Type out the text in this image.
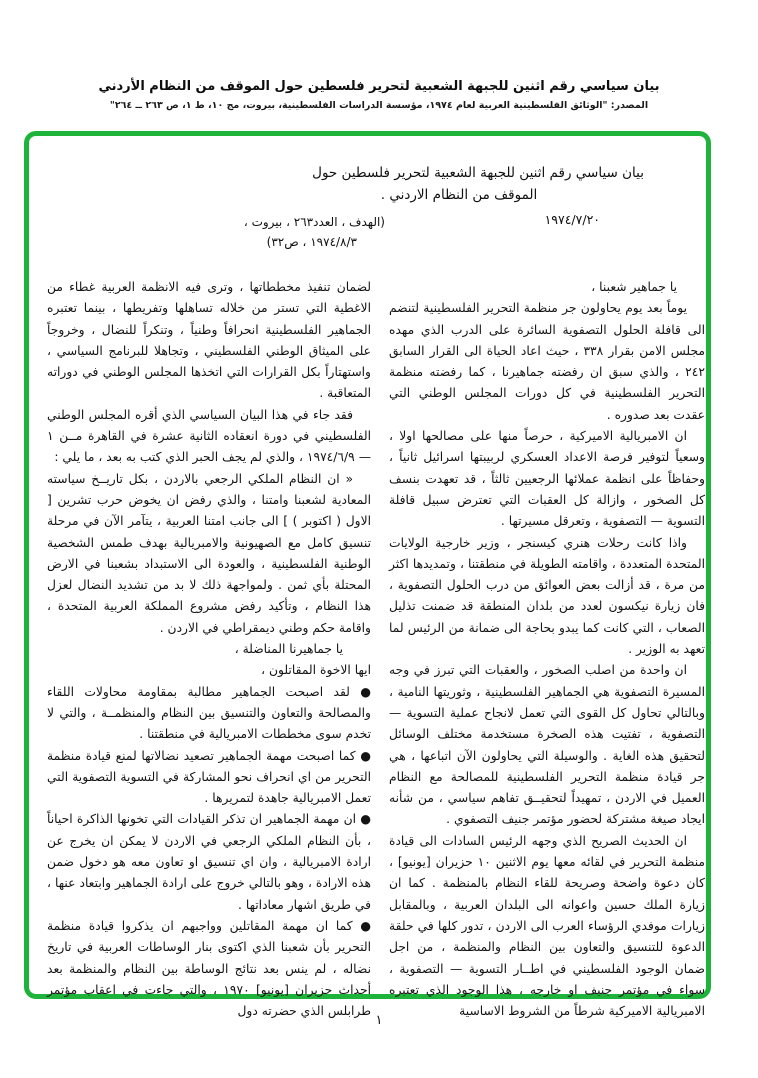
بيان سياسي رقم اثنين للجبهة الشعبية لتحرير فلسطين حول الموقف من النظام الأردني
المصدر: "الوثائق الفلسطينية العربية لعام ١٩٧٤، مؤسسة الدراسات الفلسطينية، بيروت، مج ١٠، ط ١، ص ٢٦٣ ــ ٢٦٤"
بيان سياسي رقم اثنين للجبهة الشعبية لتحرير فلسطين حول
الموقف من النظام الاردني .
١٩٧٤/٧/٢٠
(الهدف ، العدد٢٦٣ ، بيروت ،
١٩٧٤/٨/٣ ، ص٣٢)

يا جماهير شعبنا ،

يوماً بعد يوم يحاولون جر منظمة التحرير الفلسطينية لتنضم الى قافلة الحلول التصفوية السائرة على الدرب الذي مهده مجلس الامن بقرار ٣٣٨ ، حيث اعاد الحياة الى القرار السابق ٢٤٢ ، والذي سبق ان رفضته جماهيرنا ، كما رفضته منظمة التحرير الفلسطينية في كل دورات المجلس الوطني التي عقدت بعد صدوره .

ان الامبريالية الاميركية ، حرصاً منها على مصالحها اولا ، وسعياً لتوفير فرصة الاعداد العسكري لربيبتها اسرائيل ثانياً ، وحفاظاً على انظمة عملائها الرجعيين ثالثاً ، قد تعهدت بنسف كل الصخور ، وازالة كل العقبات التي تعترض سبيل قافلة التسوية — التصفوية ، وتعرقل مسيرتها .

واذا كانت رحلات هنري كيسنجر ، وزير خارجية الولايات المتحدة المتعددة ، واقامته الطويلة في منطقتنا ، وتمديدها اكثر من مرة ، قد أزالت بعض العوائق من درب الحلول التصفوية ، فان زيارة نيكسون لعدد من بلدان المنطقة قد ضمنت تذليل الصعاب ، التي كانت كما يبدو بحاجة الى ضمانة من الرئيس لما تعهد به الوزير .

ان واحدة من اصلب الصخور ، والعقبات التي تبرز في وجه المسيرة التصفوية هي الجماهير الفلسطينية ، وثوريتها النامية ، وبالتالي تحاول كل القوى التي تعمل لانجاح عملية التسوية — التصفوية ، تفتيت هذه الصخرة مستخدمة مختلف الوسائل لتحقيق هذه الغاية . والوسيلة التي يحاولون الآن اتباعها ، هي جر قيادة منظمة التحرير الفلسطينية للمصالحة مع النظام العميل في الاردن ، تمهيداً لتحقيــق تفاهم سياسي ، من شأنه ايجاد صيغة مشتركة لحضور مؤتمر جنيف التصفوي .

ان الحديث الصريح الذي وجهه الرئيس السادات الى قيادة منظمة التحرير في لقائه معها يوم الاثنين ١٠ حزيران [يونيو] ، كان دعوة واضحة وصريحة للقاء النظام بالمنظمة . كما ان زيارة الملك حسين واعوانه الى البلدان العربية ، وبالمقابل زيارات موفدي الرؤساء العرب الى الاردن ، تدور كلها في حلقة الدعوة للتنسيق والتعاون بين النظام والمنظمة ، من اجل ضمان الوجود الفلسطيني في اطــار التسوية — التصفوية ، سواء في مؤتمر جنيف او خارجه ، هذا الوجود الذي تعتبره الامبريالية الاميركية شرطاً من الشروط الاساسية

لضمان تنفيذ مخططاتها ، وترى فيه الانظمة العربية غطاء من الاغطية التي تستر من خلاله تساهلها وتفريطها ، بينما تعتبره الجماهير الفلسطينية انحرافاً وطنياً ، وتنكراً للنضال ، وخروجاً على الميثاق الوطني الفلسطيني ، وتجاهلا للبرنامج السياسي ، واستهتاراً بكل القرارات التي اتخذها المجلس الوطني في دوراته المتعاقبة .

فقد جاء في هذا البيان السياسي الذي أقره المجلس الوطني الفلسطيني في دورة انعقاده الثانية عشرة في القاهرة مــن ١ — ١٩٧٤/٦/٩ ، والذي لم يجف الحبر الذي كتب به بعد ، ما يلي :

« ان النظام الملكي الرجعي بالاردن ، بكل تاريــخ سياسته المعادية لشعبنا وامتنا ، والذي رفض ان يخوض حرب تشرين [ الاول ( اكتوبر ) ] الى جانب امتنا العربية ، يتآمر الآن في مرحلة تنسيق كامل مع الصهيونية والامبريالية بهدف طمس الشخصية الوطنية الفلسطينية ، والعودة الى الاستبداد بشعبنا في الارض المحتلة بأي ثمن . ولمواجهة ذلك لا بد من تشديد النضال لعزل هذا النظام ، وتأكيد رفض مشروع المملكة العربية المتحدة ، واقامة حكم وطني ديمقراطي في الاردن .

يا جماهيرنا المناضلة ،

ايها الاخوة المقاتلون ،

● لقد اصبحت الجماهير مطالبة بمقاومة محاولات اللقاء والمصالحة والتعاون والتنسيق بين النظام والمنظمــة ، والتي لا تخدم سوى مخططات الامبريالية في منطقتنا .

● كما اصبحت مهمة الجماهير تصعيد نضالاتها لمنع قيادة منظمة التحرير من اي انحراف نحو المشاركة في التسوية التصفوية التي تعمل الامبريالية جاهدة لتمريرها .

● ان مهمة الجماهير ان تذكر القيادات التي تخونها الذاكرة احياناً ، بأن النظام الملكي الرجعي في الاردن لا يمكن ان يخرج عن ارادة الامبريالية ، وان اي تنسيق او تعاون معه هو دخول ضمن هذه الارادة ، وهو بالتالي خروج على ارادة الجماهير وابتعاد عنها ، في طريق اشهار معاداتها .

● كما ان مهمة المقاتلين وواجبهم ان يذكروا قيادة منظمة التحرير بأن شعبنا الذي اكتوى بنار الوساطات العربية في تاريخ نضاله ، لم ينس بعد نتائج الوساطة بين النظام والمنظمة بعد أحداث حزيران [يونيو] ١٩٧٠ ، والتي جاءت في اعقاب مؤتمر طرابلس الذي حضرته دول

١
